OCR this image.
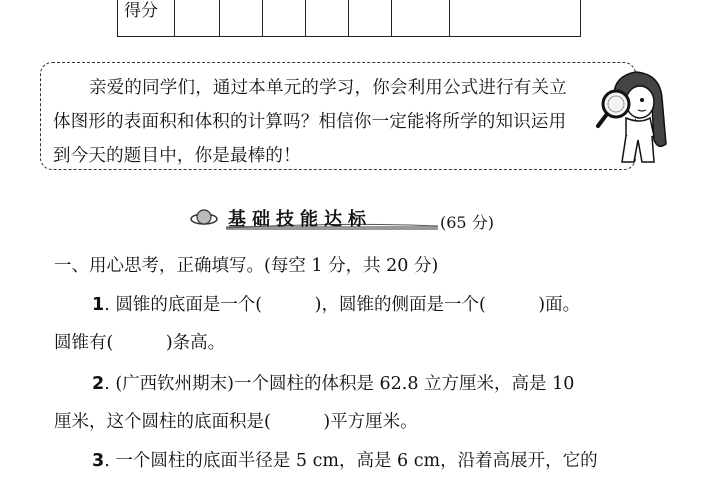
得分

亲爱的同学们，通过本单元的学习，你会利用公式进行有关立体图形的表面积和体积的计算吗？相信你一定能将所学的知识运用到今天的题目中，你是最棒的！

基础技能达标	(65 分)
一、用心思考，正确填写。(每空 1 分，共 20 分)
1. 圆锥的底面是一个(　　　)，圆锥的侧面是一个(　　　)面。
圆锥有(　　　)条高。
2. (广西钦州期末)一个圆柱的体积是 62.8 立方厘米，高是 10
厘米，这个圆柱的底面积是(　　　)平方厘米。
3. 一个圆柱的底面半径是 5 cm，高是 6 cm，沿着高展开，它的
